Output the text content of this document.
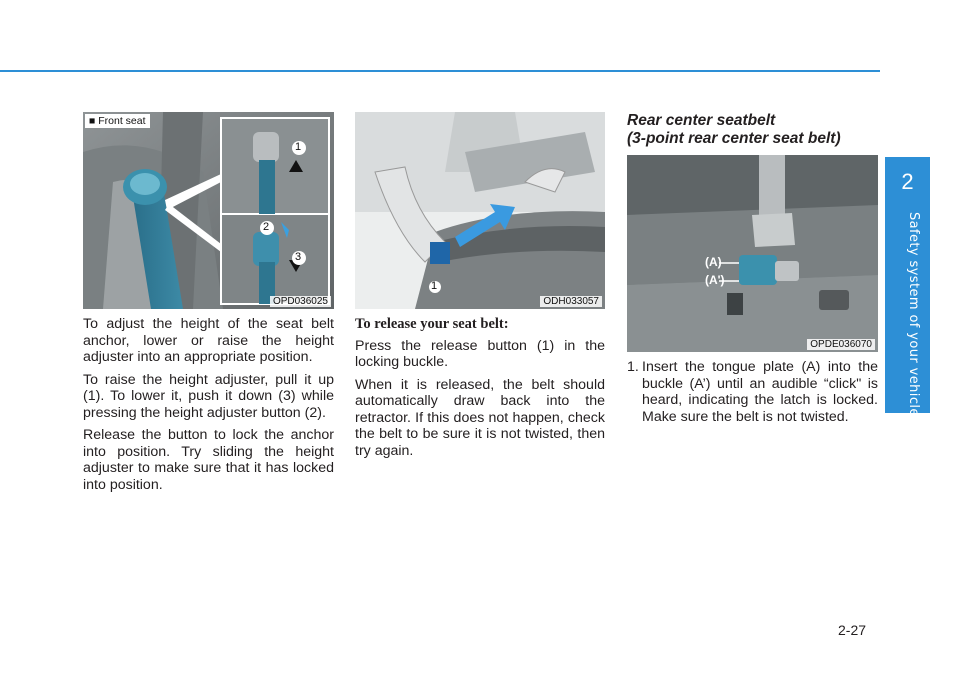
2
Safety system of your vehicle
■ Front seat
1
2
3
OPD036025
1
ODH033057
(A)
(A')
OPDE036070

To adjust the height of the seat belt anchor, lower or raise the height adjuster into an appropriate position.

To raise the height adjuster, pull it up (1). To lower it, push it down (3) while pressing the height adjuster button (2).

Release the button to lock the anchor into position. Try sliding the height adjuster to make sure that it has locked into position.

To release your seat belt:

Press the release button (1) in the locking buckle.

When it is released, the belt should automatically draw back into the retractor. If this does not happen, check the belt to be sure it is not twisted, then try again.

Rear center seatbelt
(3-point rear center seat belt)
1. Insert the tongue plate (A) into the buckle (A’) until an audible “click" is heard, indicating the latch is locked. Make sure the belt is not twisted.
2-27
